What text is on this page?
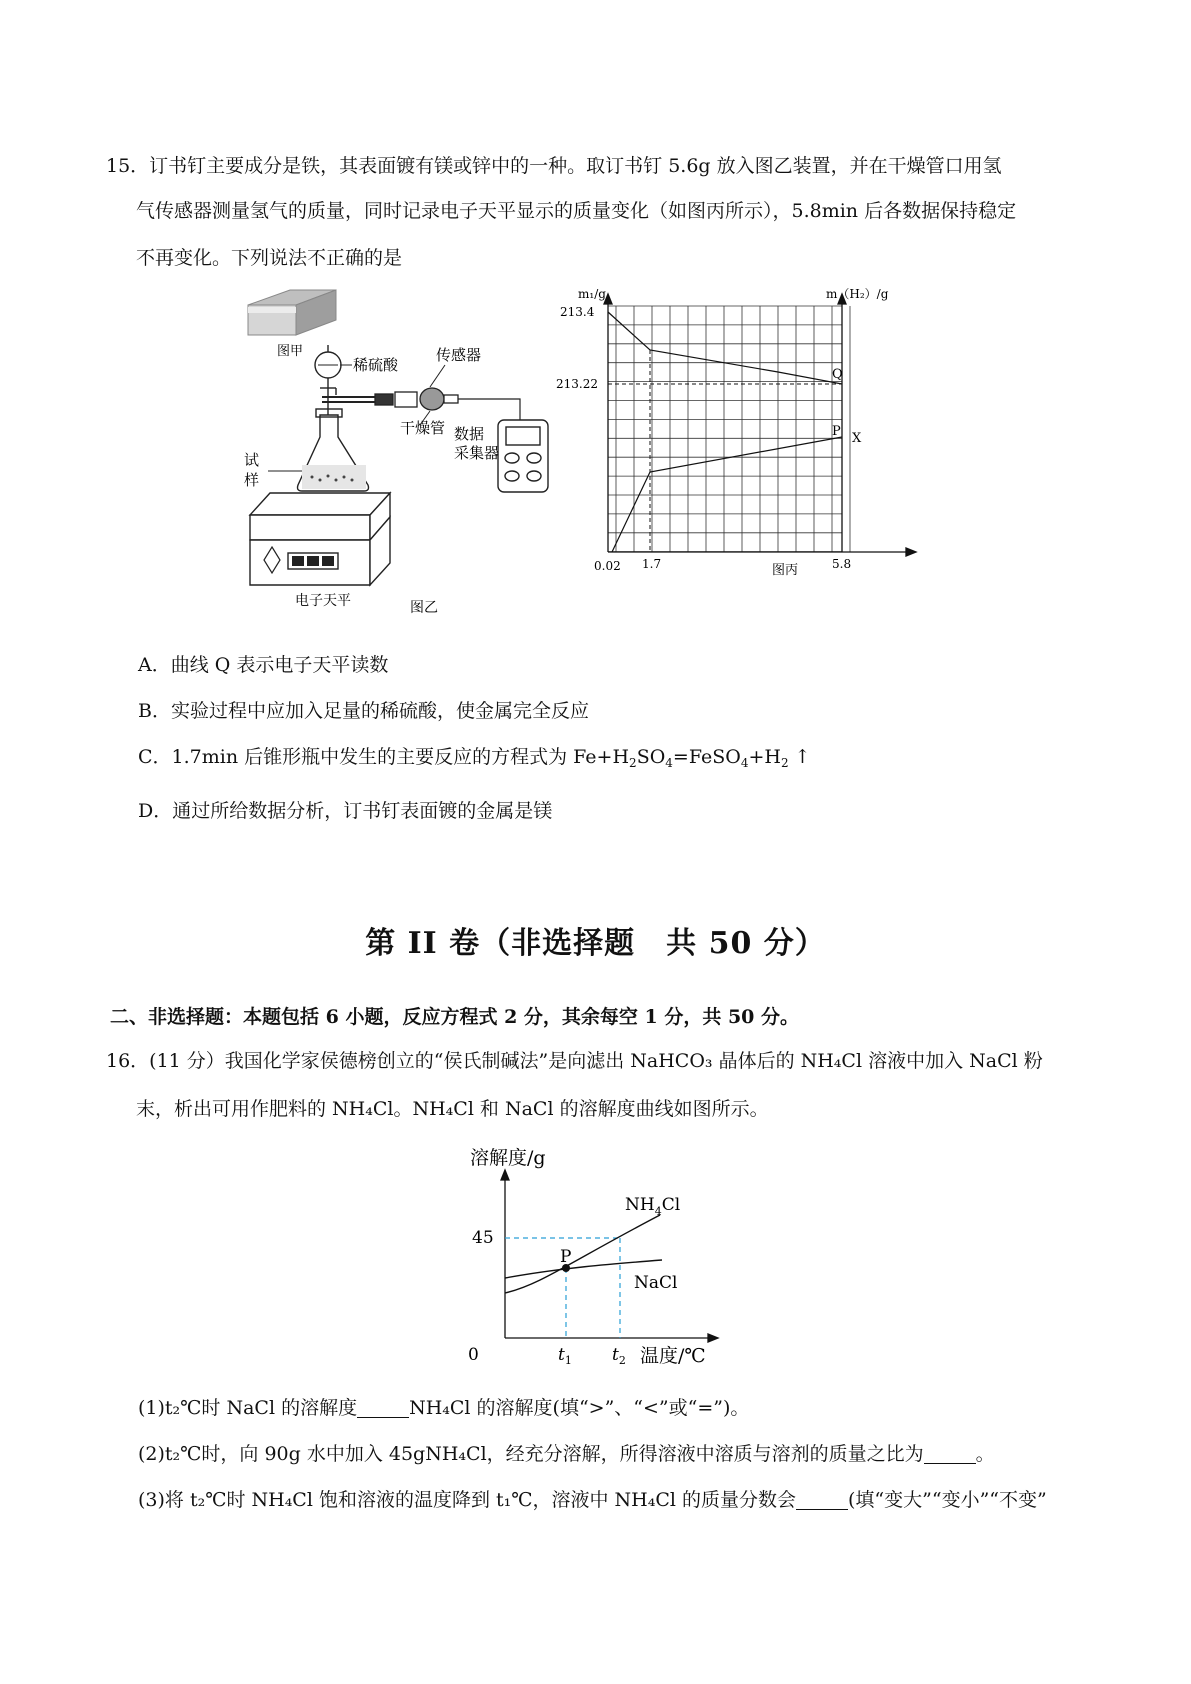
15．订书钉主要成分是铁，其表面镀有镁或锌中的一种。取订书钉 5.6g 放入图乙装置，并在干燥管口用氢
气传感器测量氢气的质量，同时记录电子天平显示的质量变化（如图丙所示），5.8min 后各数据保持稳定
不再变化。下列说法不正确的是
图甲
稀硫酸
传感器
干燥管 数据
采集器
试
样
电子天平	图乙
m₁/g	m（H₂）/g
213.4
213.22
0.02 1.7	图丙	5.8
Q
P X
A．曲线 Q 表示电子天平读数
B．实验过程中应加入足量的稀硫酸，使金属完全反应
C．1.7min 后锥形瓶中发生的主要反应的方程式为 $Fe+H_2SO_4=FeSO_4+H_2$ ↑
D．通过所给数据分析，订书钉表面镀的金属是镁
第 II 卷（非选择题　共 50 分）
二、非选择题：本题包括 6 小题，反应方程式 2 分，其余每空 1 分，共 50 分。
16．(11 分）我国化学家侯德榜创立的“侯氏制碱法”是向滤出 NaHCO₃ 晶体后的 NH₄Cl 溶液中加入 NaCl 粉
末，析出可用作肥料的 NH₄Cl。NH₄Cl 和 NaCl 的溶解度曲线如图所示。
溶解度/g
45
P
$NH_4Cl$
NaCl
0	$t_1$ $t_2$ 温度/℃
(1)t₂℃时 NaCl 的溶解度	NH₄Cl 的溶解度(填“>”、“<”或“=”)。
(2)t₂℃时，向 90g 水中加入 45gNH₄Cl，经充分溶解，所得溶液中溶质与溶剂的质量之比为	。
(3)将 t₂℃时 NH₄Cl 饱和溶液的温度降到 t₁℃，溶液中 NH₄Cl 的质量分数会	(填“变大”“变小”“不变”
